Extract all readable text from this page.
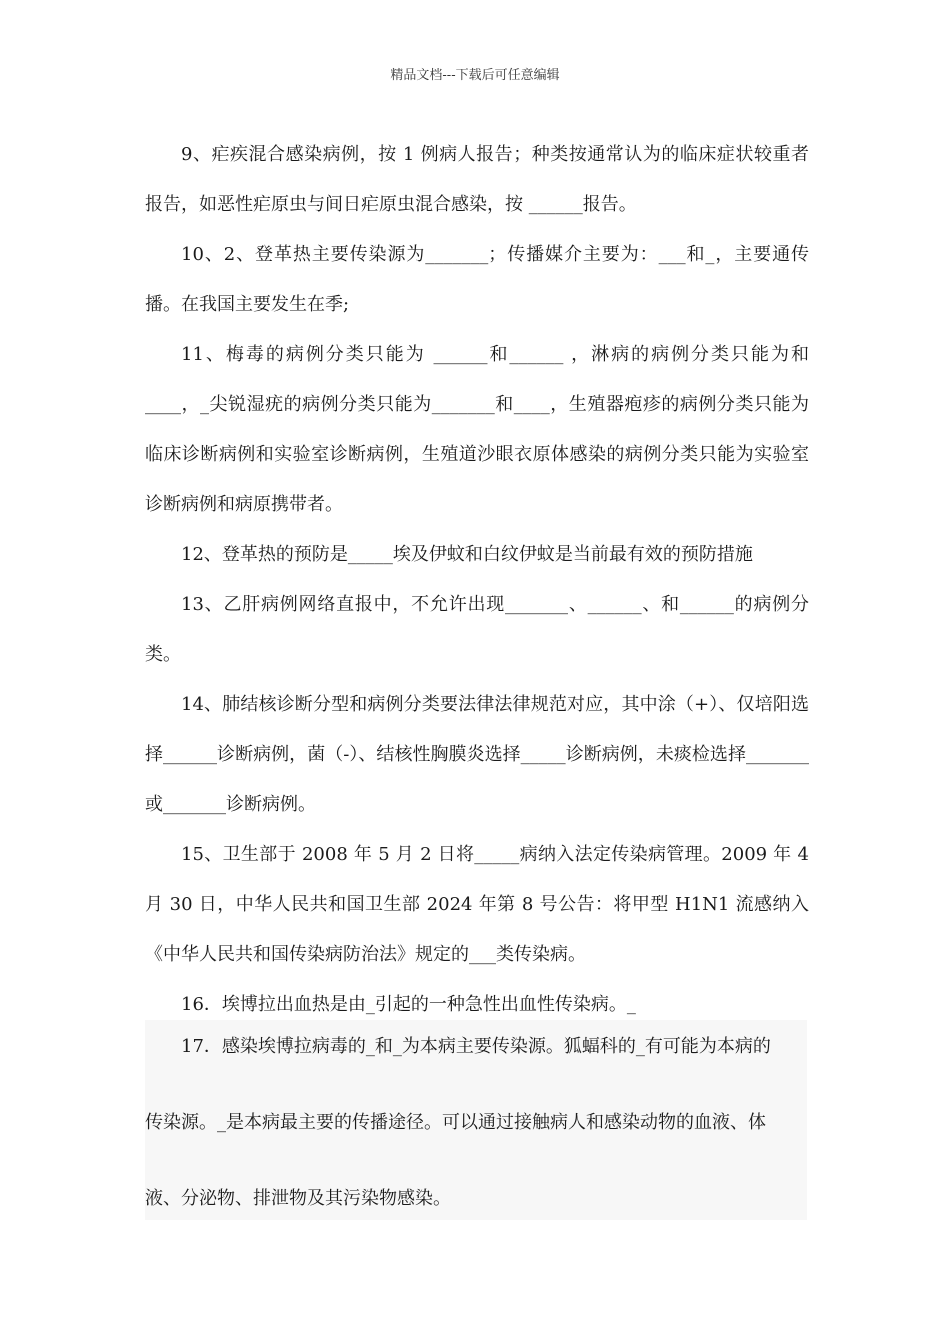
精品文档---下载后可任意编辑

9、疟疾混合感染病例，按 1 例病人报告；种类按通常认为的临床症状较重者报告，如恶性疟原虫与间日疟原虫混合感染，按 ______报告。

10、2、登革热主要传染源为_______；传播媒介主要为：___和_，主要通传播。在我国主要发生在季;

11、梅毒的病例分类只能为 ______和______ ，淋病的病例分类只能为和____，_尖锐湿疣的病例分类只能为_______和____，生殖器疱疹的病例分类只能为临床诊断病例和实验室诊断病例，生殖道沙眼衣原体感染的病例分类只能为实验室诊断病例和病原携带者。

12、登革热的预防是_____埃及伊蚊和白纹伊蚊是当前最有效的预防措施

13、乙肝病例网络直报中，不允许出现_______、______、和______的病例分类。

14、肺结核诊断分型和病例分类要法律法律规范对应，其中涂（+）、仅培阳选择______诊断病例，菌（-）、结核性胸膜炎选择_____诊断病例，未痰检选择_______或_______诊断病例。

15、卫生部于 2008 年 5 月 2 日将_____病纳入法定传染病管理。2009 年 4 月 30 日，中华人民共和国卫生部 2024 年第 8 号公告：将甲型 H1N1 流感纳入《中华人民共和国传染病防治法》规定的___类传染病。

16．埃博拉出血热是由_引起的一种急性出血性传染病。_

17．感染埃博拉病毒的_和_为本病主要传染源。狐蝠科的_有可能为本病的
传染源。_是本病最主要的传播途径。可以通过接触病人和感染动物的血液、体
液、分泌物、排泄物及其污染物感染。
